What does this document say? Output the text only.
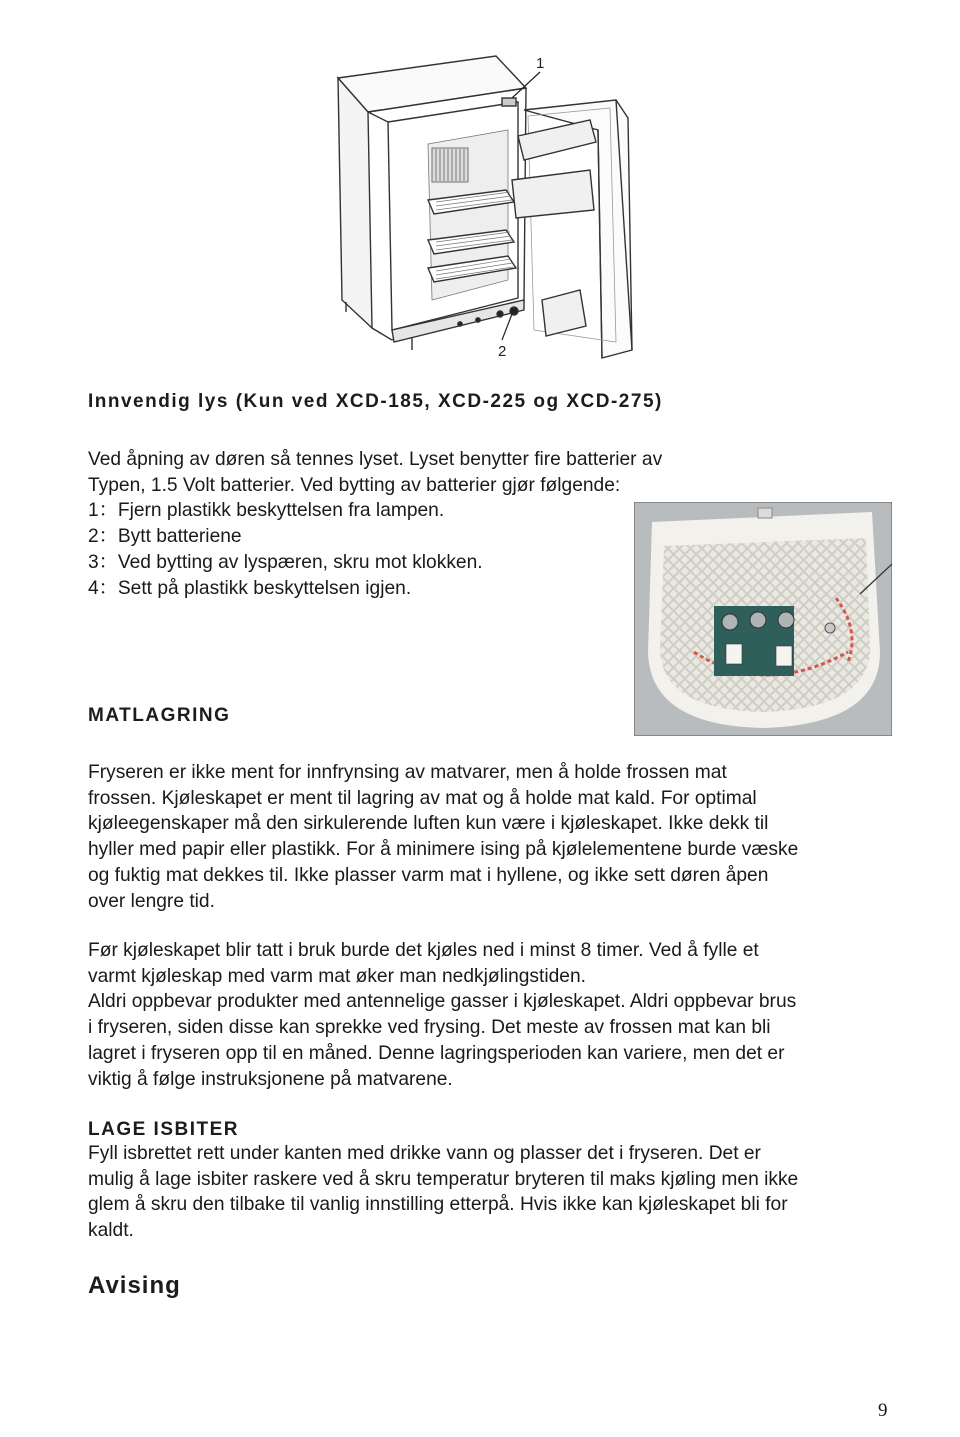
1
2
Innvendig lys (Kun ved XCD-185, XCD-225 og XCD-275)

Ved åpning av døren så tennes lyset. Lyset benytter fire batterier av
Typen, 1.5 Volt batterier. Ved bytting av batterier gjør følgende:
1：Fjern plastikk beskyttelsen fra lampen.
2：Bytt batteriene
3：Ved bytting av lyspæren, skru mot klokken.
4：Sett på plastikk beskyttelsen igjen.

MATLAGRING

Fryseren er ikke ment for innfrynsing av matvarer, men å holde frossen mat
frossen. Kjøleskapet er ment til lagring av mat og å holde mat kald. For optimal
kjøleegenskaper må den sirkulerende luften kun være i kjøleskapet. Ikke dekk til
hyller med papir eller plastikk. For å minimere ising på kjølelementene burde væske
og fuktig mat dekkes til. Ikke plasser varm mat i hyllene, og ikke sett døren åpen
over lengre tid.

Før kjøleskapet blir tatt i bruk burde det kjøles ned i minst 8 timer. Ved å fylle et
varmt kjøleskap med varm mat øker man nedkjølingstiden.
Aldri oppbevar produkter med antennelige gasser i kjøleskapet. Aldri oppbevar brus
i fryseren, siden disse kan sprekke ved frysing. Det meste av frossen mat kan bli
lagret i fryseren opp til en måned. Denne lagringsperioden kan variere, men det er
viktig å følge instruksjonene på matvarene.

LAGE ISBITER

Fyll isbrettet rett under kanten med drikke vann og plasser det i fryseren. Det er
mulig å lage isbiter raskere ved å skru temperatur bryteren til maks kjøling men ikke
glem å skru den tilbake til vanlig innstilling etterpå. Hvis ikke kan kjøleskapet bli for
kaldt.

Avising
9
